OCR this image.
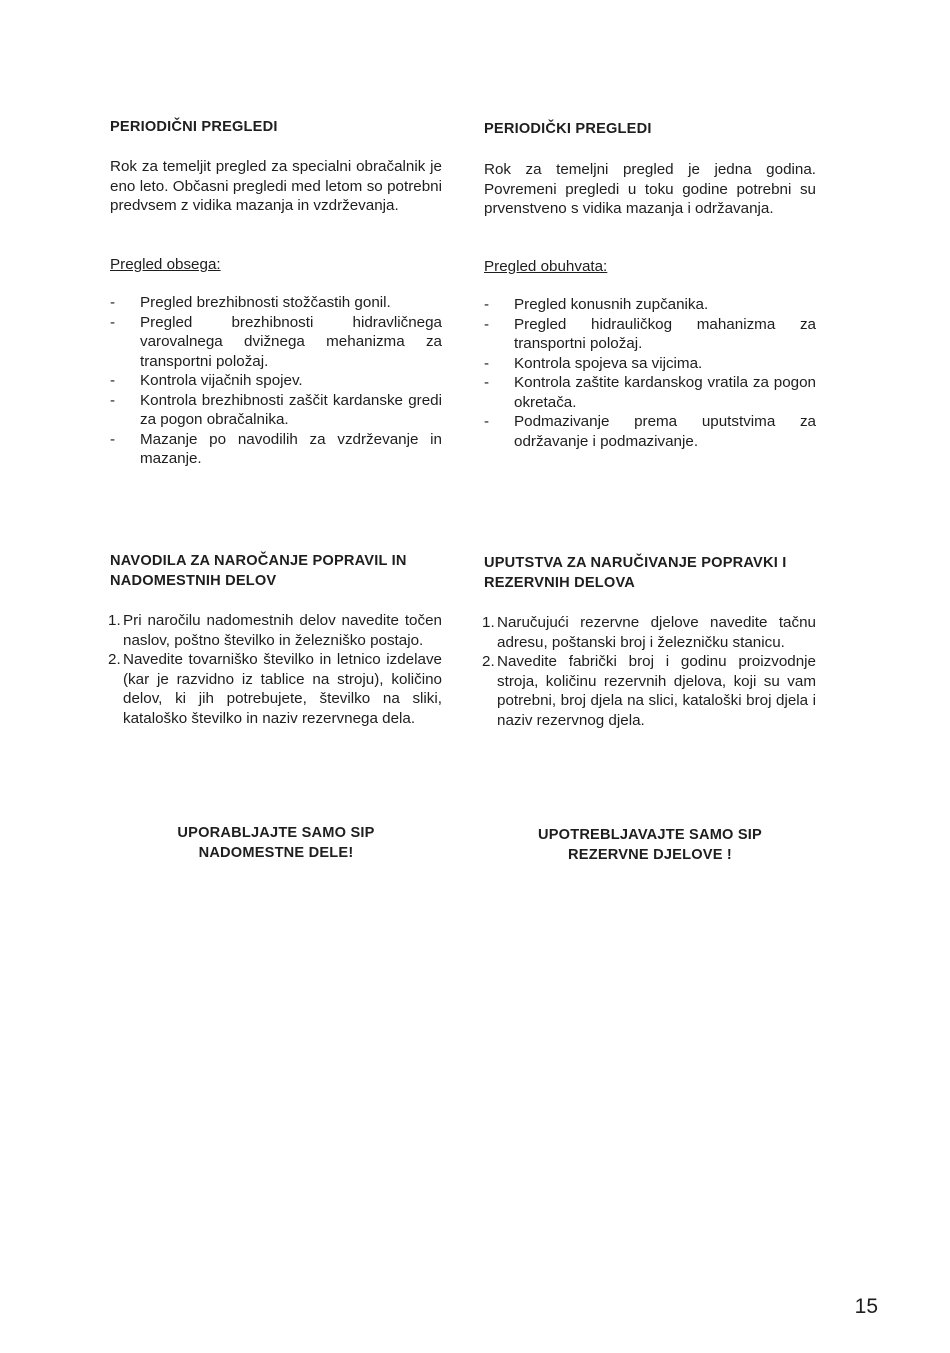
PERIODIČNI PREGLEDI

Rok za temeljit pregled za specialni obračalnik je eno leto. Občasni pregledi med letom so potrebni predvsem z vidika mazanja in vzdrževanja.

Pregled obsega:

- Pregled brezhibnosti stožčastih gonil.
- Pregled brezhibnosti hidravličnega varovalnega dvižnega mehanizma za transportni položaj.
- Kontrola vijačnih spojev.
- Kontrola brezhibnosti zaščit kardanske gredi za pogon obračalnika.
- Mazanje po navodilih za vzdrževanje in mazanje.

NAVODILA ZA NAROČANJE POPRAVIL IN NADOMESTNIH DELOV

1. Pri naročilu nadomestnih delov navedite točen naslov, poštno številko in železniško postajo.
2. Navedite tovarniško številko in letnico izdelave (kar je razvidno iz tablice na stroju), količino delov, ki jih potrebujete, številko na sliki, kataloško številko in naziv rezervnega dela.
UPORABLJAJTE SAMO SIP
NADOMESTNE DELE!

PERIODIČKI PREGLEDI

Rok za temeljni pregled je jedna godina. Povremeni pregledi u toku godine potrebni su prvenstveno s vidika mazanja i održavanja.

Pregled obuhvata:

- Pregled konusnih zupčanika.
- Pregled hidrauličkog mahanizma za transportni položaj.
- Kontrola spojeva sa vijcima.
- Kontrola zaštite kardanskog vratila za pogon okretača.
- Podmazivanje prema uputstvima za održavanje i podmazivanje.

UPUTSTVA ZA NARUČIVANJE POPRAVKI I REZERVNIH DELOVA

1. Naručujući rezervne djelove navedite tačnu adresu, poštanski broj i železničku stanicu.
2. Navedite fabrički broj i godinu proizvodnje stroja, količinu rezervnih djelova, koji su vam potrebni, broj djela na slici, kataloški broj djela i naziv rezervnog djela.
UPOTREBLJAVAJTE SAMO SIP
REZERVNE DJELOVE !
15
